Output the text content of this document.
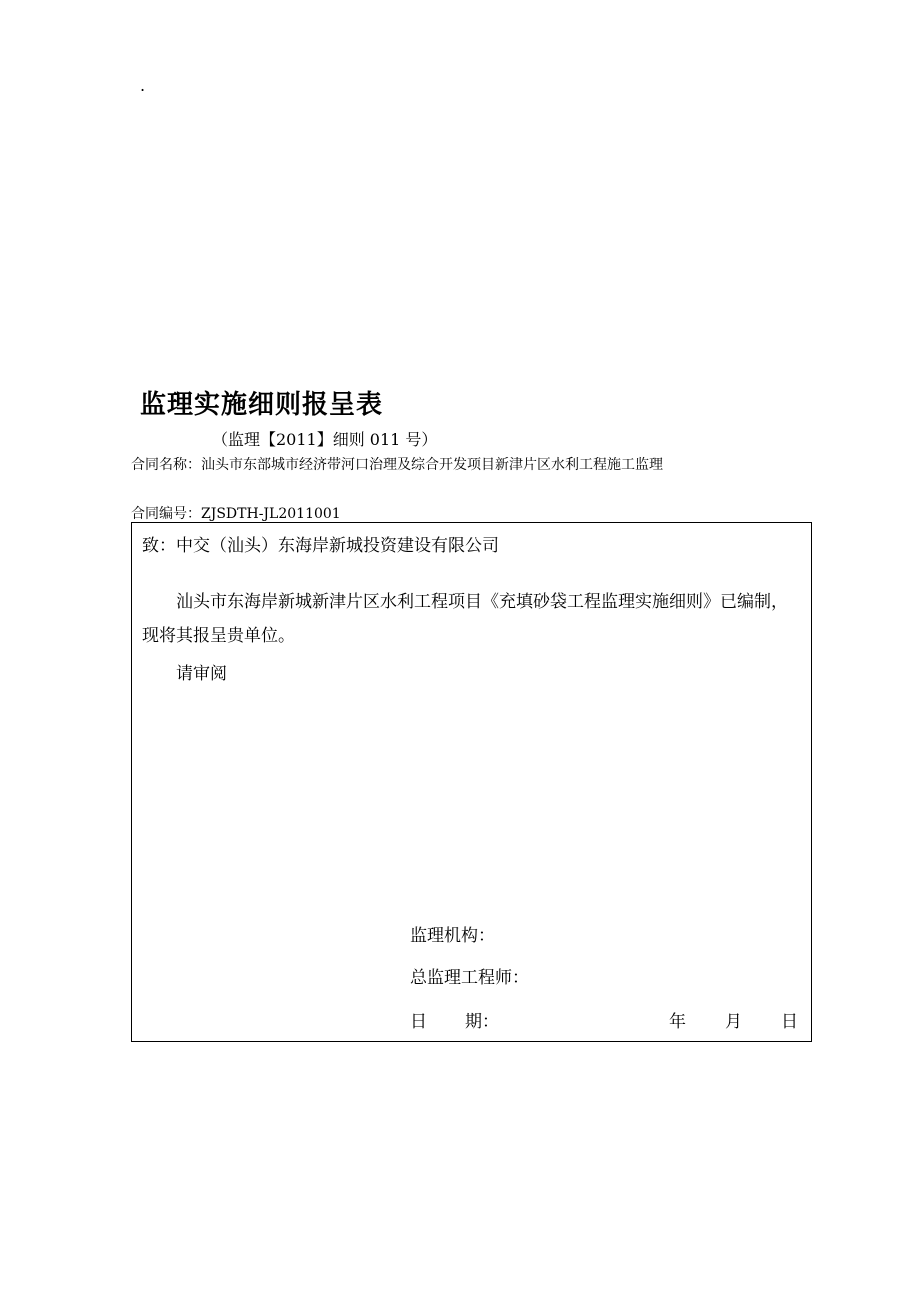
.
监理实施细则报呈表
（监理【2011】细则 011 号）
合同名称：汕头市东部城市经济带河口治理及综合开发项目新津片区水利工程施工监理
合同编号：ZJSDTH-JL2011001
致：中交（汕头）东海岸新城投资建设有限公司
汕头市东海岸新城新津片区水利工程项目《充填砂袋工程监理实施细则》已编制，现将其报呈贵单位。
请审阅
监理机构：
总监理工程师：
日 期：	年 月 日
